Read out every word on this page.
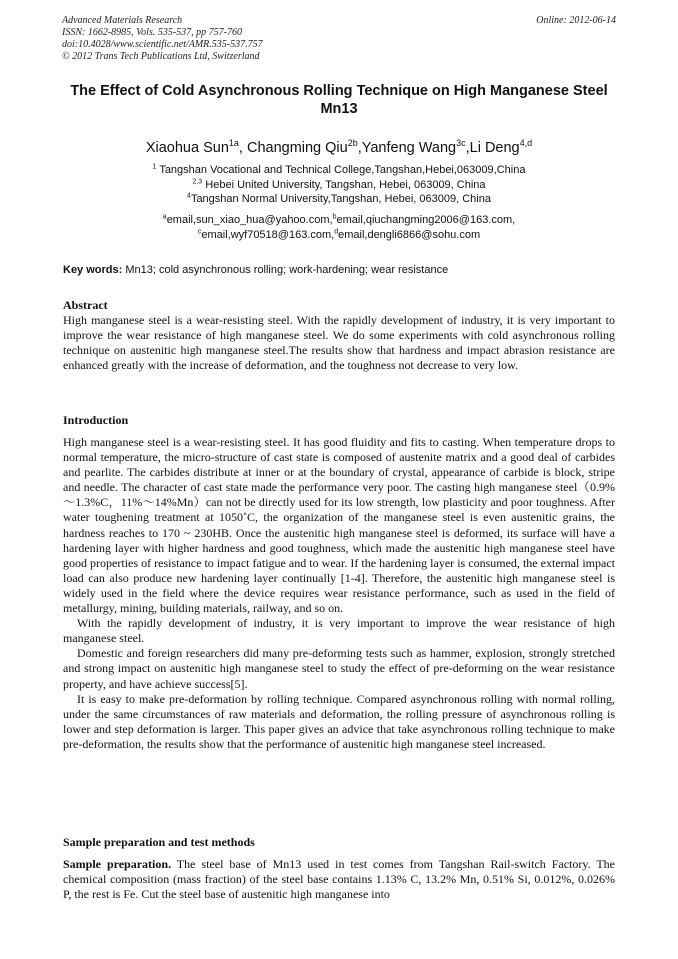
Advanced Materials Research
ISSN: 1662-8985, Vols. 535-537, pp 757-760
doi:10.4028/www.scientific.net/AMR.535-537.757
© 2012 Trans Tech Publications Ltd, Switzerland
Online: 2012-06-14
The Effect of Cold Asynchronous Rolling Technique on High Manganese Steel Mn13
Xiaohua Sun$^{1a}$, Changming Qiu$^{2b}$,Yanfeng Wang$^{3c}$,Li Deng$^{4,d}$
$^1$ Tangshan Vocational and Technical College,Tangshan,Hebei,063009,China
$^{2,3}$ Hebei United University, Tangshan, Hebei, 063009, China
$^4$Tangshan Normal University,Tangshan, Hebei, 063009, China
$^a$email,sun_xiao_hua@yahoo.com,$^b$email,qiuchangming2006@163.com,
$^c$email,wyf70518@163.com,$^d$email,dengli6866@sohu.com
Key words: Mn13; cold asynchronous rolling; work-hardening; wear resistance
Abstract

High manganese steel is a wear-resisting steel. With the rapidly development of industry, it is very important to improve the wear resistance of high manganese steel. We do some experiments with cold asynchronous rolling technique on austenitic high manganese steel.The results show that hardness and impact abrasion resistance are enhanced greatly with the increase of deformation, and the toughness not decrease to very low.

Introduction

High manganese steel is a wear-resisting steel. It has good fluidity and fits to casting. When temperature drops to normal temperature, the micro-structure of cast state is composed of austenite matrix and a good deal of carbides and pearlite. The carbides distribute at inner or at the boundary of crystal, appearance of carbide is block, stripe and needle. The character of cast state made the performance very poor. The casting high manganese steel（0.9%～1.3%C，11%～14%Mn）can not be directly used for its low strength, low plasticity and poor toughness. After water toughening treatment at 1050˚C, the organization of the manganese steel is even austenitic grains, the hardness reaches to 170 ~ 230HB. Once the austenitic high manganese steel is deformed, its surface will have a hardening layer with higher hardness and good toughness, which made the austenitic high manganese steel have good properties of resistance to impact fatigue and to wear. If the hardening layer is consumed, the external impact load can also produce new hardening layer continually [1-4]. Therefore, the austenitic high manganese steel is widely used in the field where the device requires wear resistance performance, such as used in the field of metallurgy, mining, building materials, railway, and so on.

With the rapidly development of industry, it is very important to improve the wear resistance of high manganese steel.

Domestic and foreign researchers did many pre-deforming tests such as hammer, explosion, strongly stretched and strong impact on austenitic high manganese steel to study the effect of pre-deforming on the wear resistance property, and have achieve success[5].

It is easy to make pre-deformation by rolling technique. Compared asynchronous rolling with normal rolling, under the same circumstances of raw materials and deformation, the rolling pressure of asynchronous rolling is lower and step deformation is larger. This paper gives an advice that take asynchronous rolling technique to make pre-deformation, the results show that the performance of austenitic high manganese steel increased.

Sample preparation and test methods

Sample preparation. The steel base of Mn13 used in test comes from Tangshan Rail-switch Factory. The chemical composition (mass fraction) of the steel base contains 1.13% C, 13.2% Mn, 0.51% Si, 0.012%, 0.026% P, the rest is Fe. Cut the steel base of austenitic high manganese into
